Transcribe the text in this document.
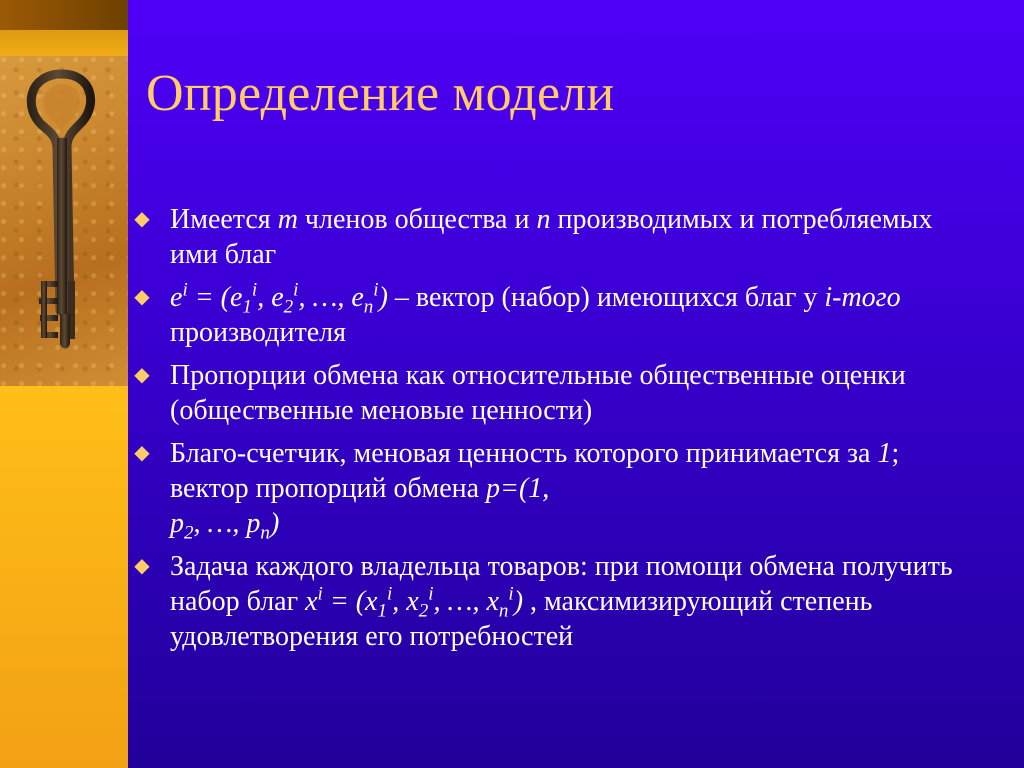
Определение модели
◆ Имеется m членов общества и n производимых и потребляемых ими благ
◆ $e^i = (e_1^i$, $e_2^i$, …, $e_n^i$) – вектор (набор) имеющихся благ у i-того производителя
◆ Пропорции обмена как относительные общественные оценки (общественные меновые ценности)
◆ Благо-счетчик, меновая ценность которого принимается за 1; вектор пропорций обмена p=(1,
$p_2$, …, $p_n$)
◆ Задача каждого владельца товаров: при помощи обмена получить набор благ $x^i = (x_1^i$, $x_2^i$, …, $x_n^i$) , максимизирующий степень удовлетворения его потребностей
